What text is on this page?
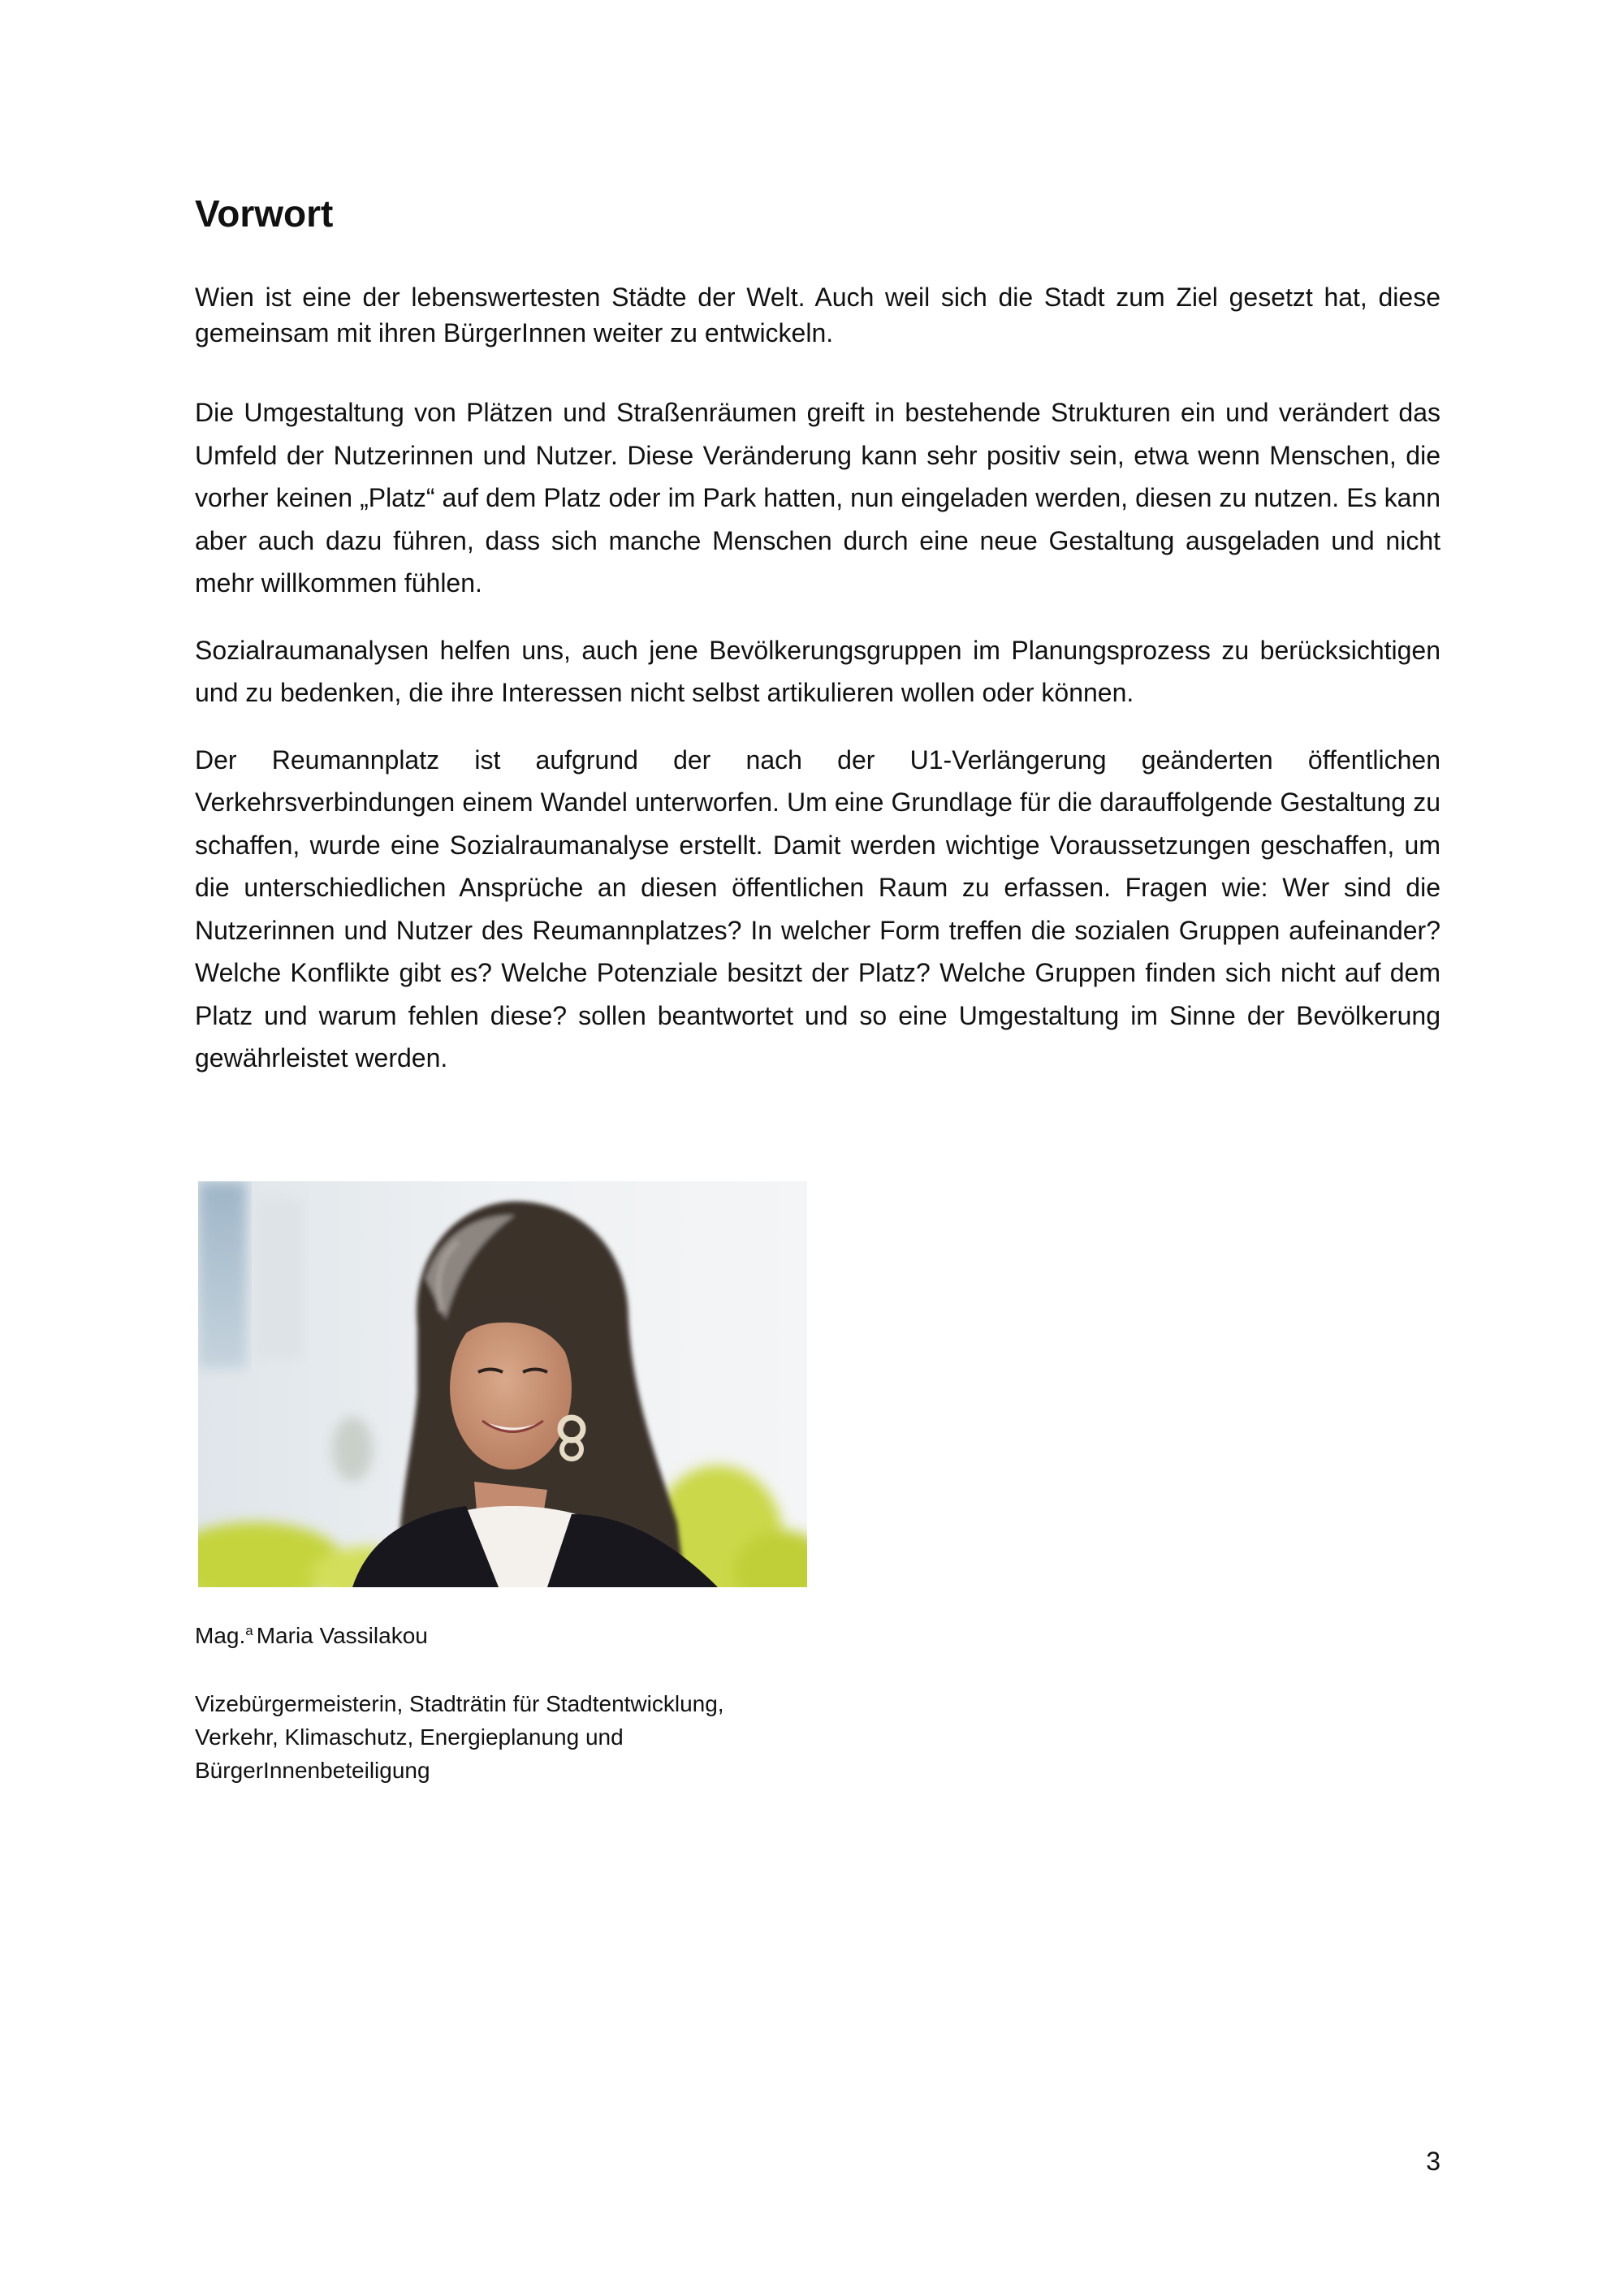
Vorwort

Wien ist eine der lebenswertesten Städte der Welt. Auch weil sich die Stadt zum Ziel gesetzt hat, diese gemeinsam mit ihren BürgerInnen weiter zu entwickeln.

Die Umgestaltung von Plätzen und Straßenräumen greift in bestehende Strukturen ein und verändert das Umfeld der Nutzerinnen und Nutzer. Diese Veränderung kann sehr positiv sein, etwa wenn Menschen, die vorher keinen „Platz“ auf dem Platz oder im Park hatten, nun eingeladen werden, diesen zu nutzen. Es kann aber auch dazu führen, dass sich manche Menschen durch eine neue Gestaltung ausgeladen und nicht mehr willkommen fühlen.

Sozialraumanalysen helfen uns, auch jene Bevölkerungsgruppen im Planungsprozess zu berücksichtigen und zu bedenken, die ihre Interessen nicht selbst artikulieren wollen oder können.

Der Reumannplatz ist aufgrund der nach der U1-Verlängerung geänderten öffentlichen Verkehrsverbindungen einem Wandel unterworfen. Um eine Grundlage für die darauffolgende Gestaltung zu schaffen, wurde eine Sozialraumanalyse erstellt. Damit werden wichtige Voraussetzungen geschaffen, um die unterschiedlichen Ansprüche an diesen öffentlichen Raum zu erfassen. Fragen wie: Wer sind die Nutzerinnen und Nutzer des Reumannplatzes? In welcher Form treffen die sozialen Gruppen aufeinander? Welche Konflikte gibt es? Welche Potenziale besitzt der Platz? Welche Gruppen finden sich nicht auf dem Platz und warum fehlen diese? sollen beantwortet und so eine Umgestaltung im Sinne der Bevölkerung gewährleistet werden.

Mag.$^a$ Maria Vassilakou

Vizebürgermeisterin, Stadträtin für Stadtentwicklung,
Verkehr, Klimaschutz, Energieplanung und
BürgerInnenbeteiligung

3
